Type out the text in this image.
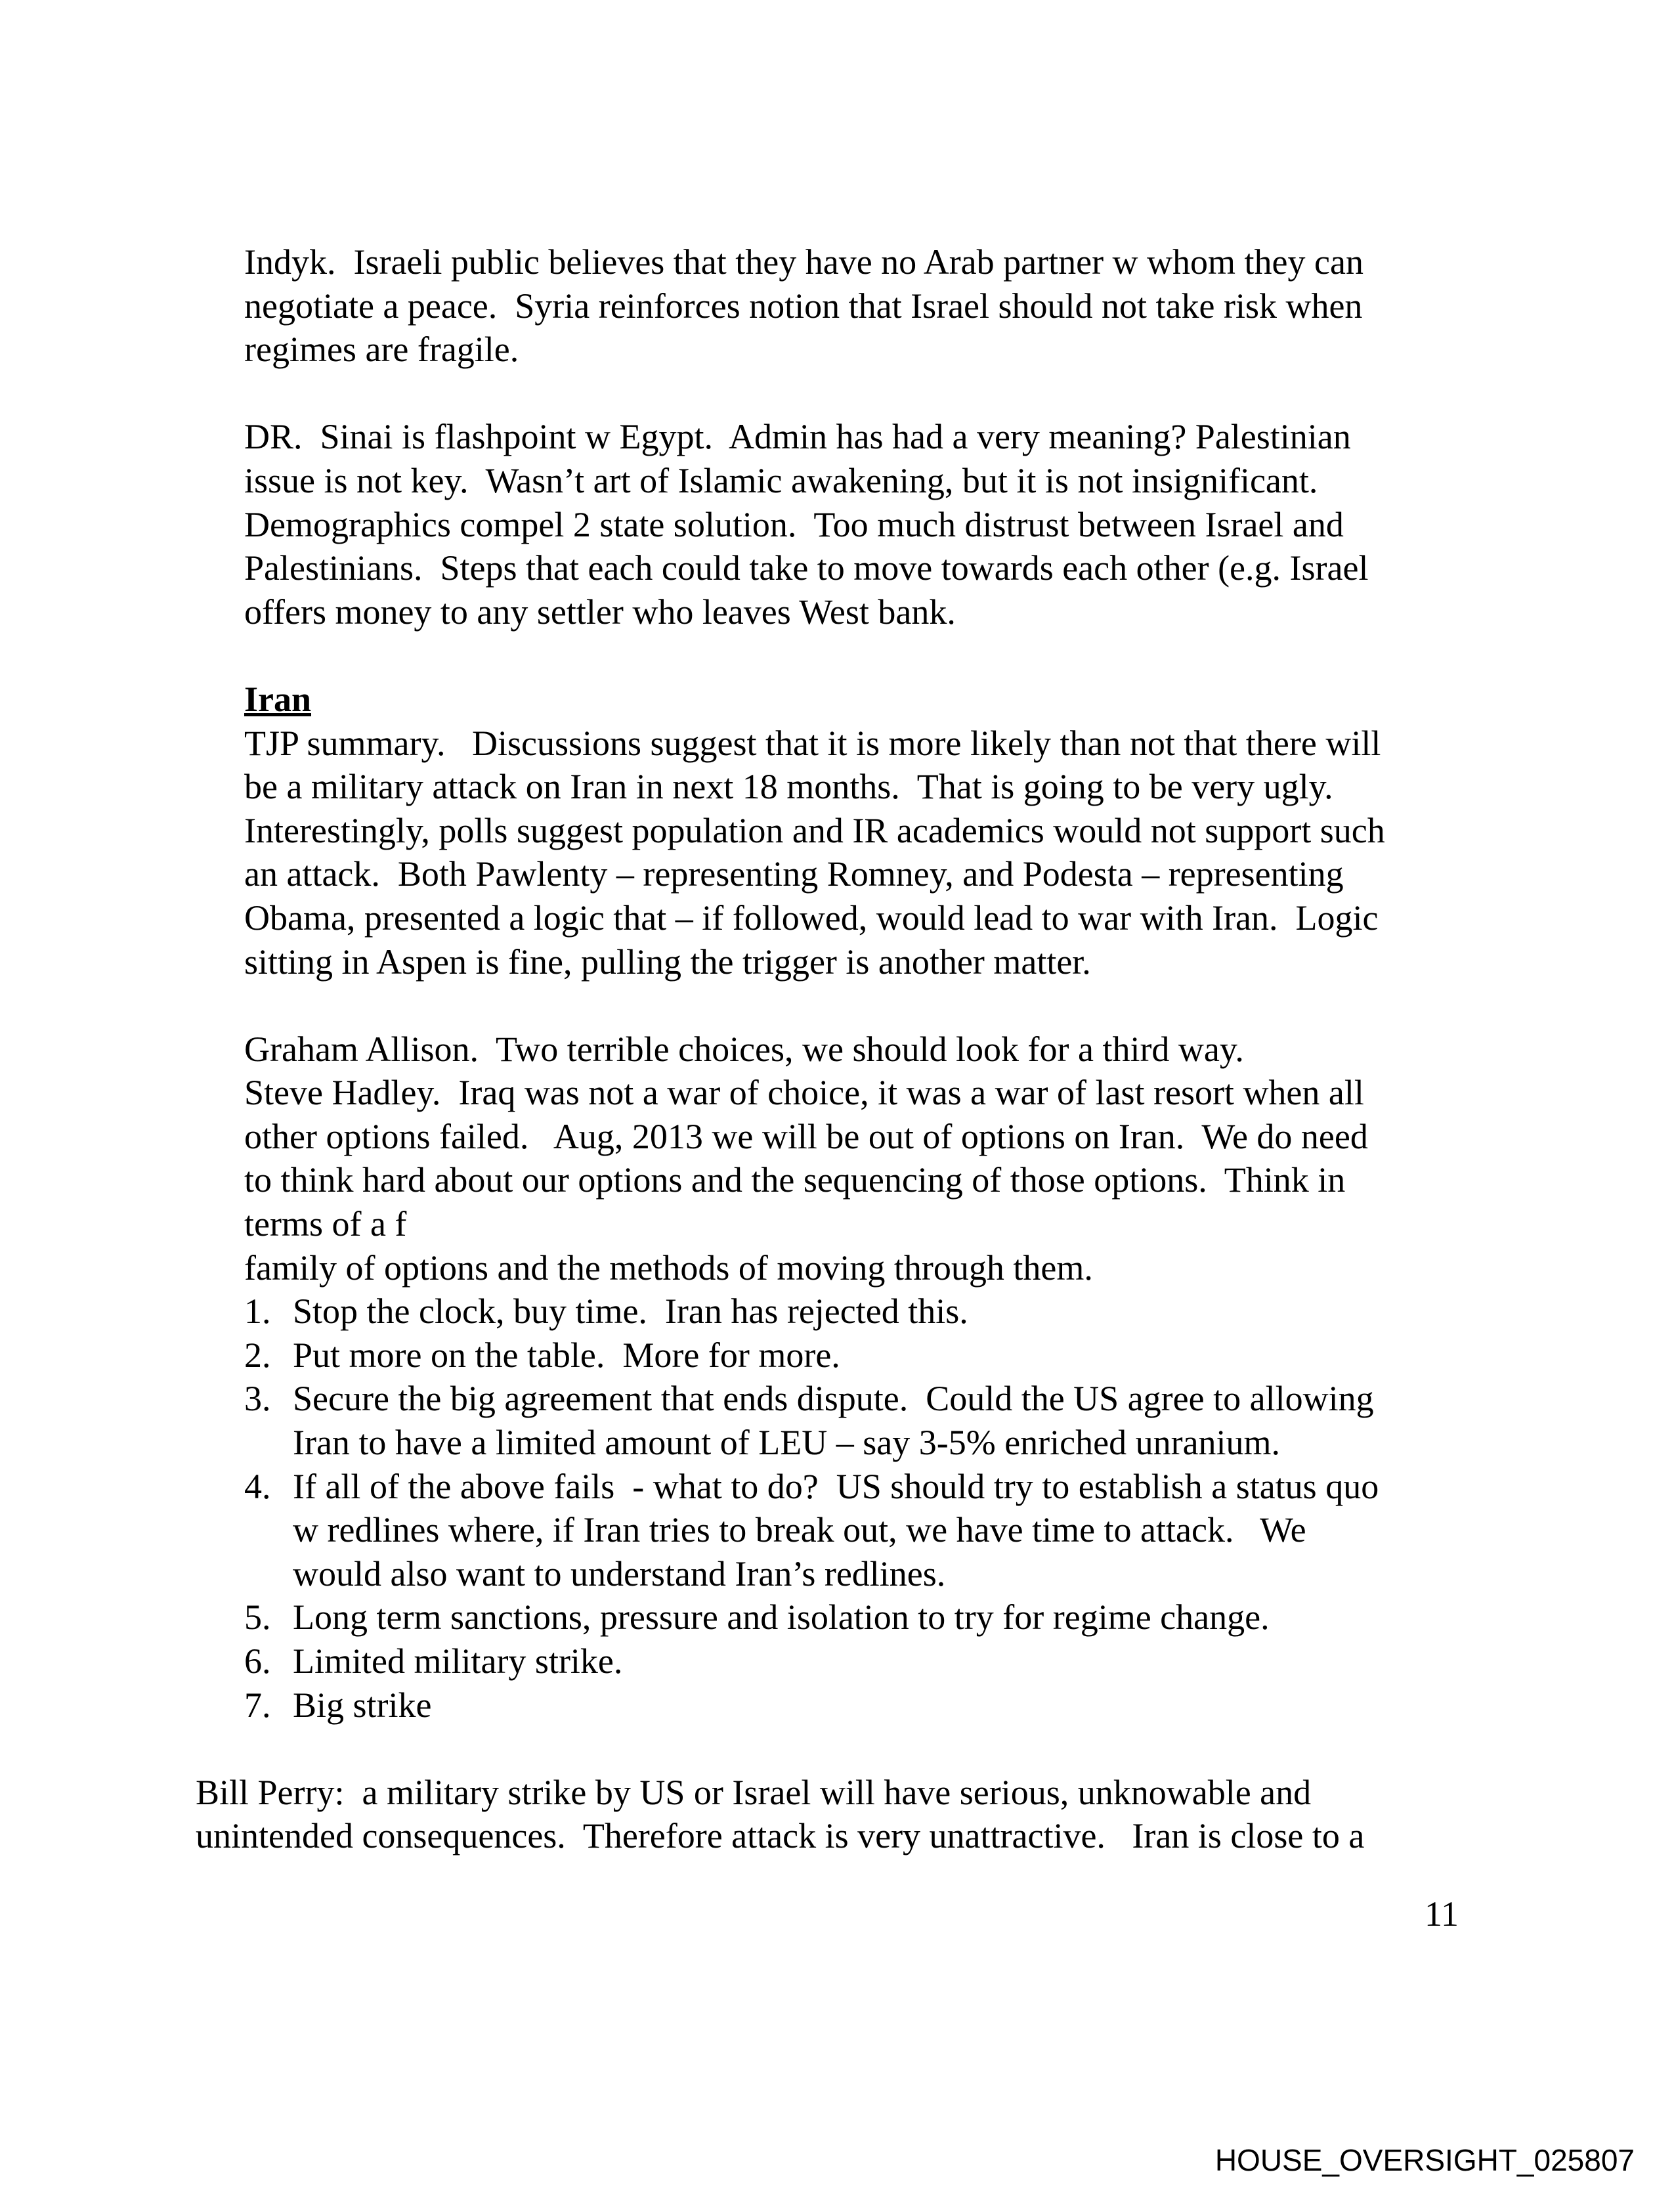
Indyk.  Israeli public believes that they have no Arab partner w whom they can
negotiate a peace.  Syria reinforces notion that Israel should not take risk when
regimes are fragile.
DR.  Sinai is flashpoint w Egypt.  Admin has had a very meaning? Palestinian
issue is not key.  Wasn’t art of Islamic awakening, but it is not insignificant.
Demographics compel 2 state solution.  Too much distrust between Israel and
Palestinians.  Steps that each could take to move towards each other (e.g. Israel
offers money to any settler who leaves West bank.
Iran
TJP summary.   Discussions suggest that it is more likely than not that there will
be a military attack on Iran in next 18 months.  That is going to be very ugly.
Interestingly, polls suggest population and IR academics would not support such
an attack.  Both Pawlenty – representing Romney, and Podesta – representing
Obama, presented a logic that – if followed, would lead to war with Iran.  Logic
sitting in Aspen is fine, pulling the trigger is another matter.
Graham Allison.  Two terrible choices, we should look for a third way.
Steve Hadley.  Iraq was not a war of choice, it was a war of last resort when all
other options failed.   Aug, 2013 we will be out of options on Iran.  We do need
to think hard about our options and the sequencing of those options.  Think in
terms of a f
family of options and the methods of moving through them.
1. Stop the clock, buy time.  Iran has rejected this.
2. Put more on the table.  More for more.
3. Secure the big agreement that ends dispute.  Could the US agree to allowing
Iran to have a limited amount of LEU – say 3-5% enriched unranium.
4. If all of the above fails  - what to do?  US should try to establish a status quo
w redlines where, if Iran tries to break out, we have time to attack.   We
would also want to understand Iran’s redlines.
5. Long term sanctions, pressure and isolation to try for regime change.
6. Limited military strike.
7. Big strike
Bill Perry:  a military strike by US or Israel will have serious, unknowable and
unintended consequences.  Therefore attack is very unattractive.   Iran is close to a
11
HOUSE_OVERSIGHT_025807
